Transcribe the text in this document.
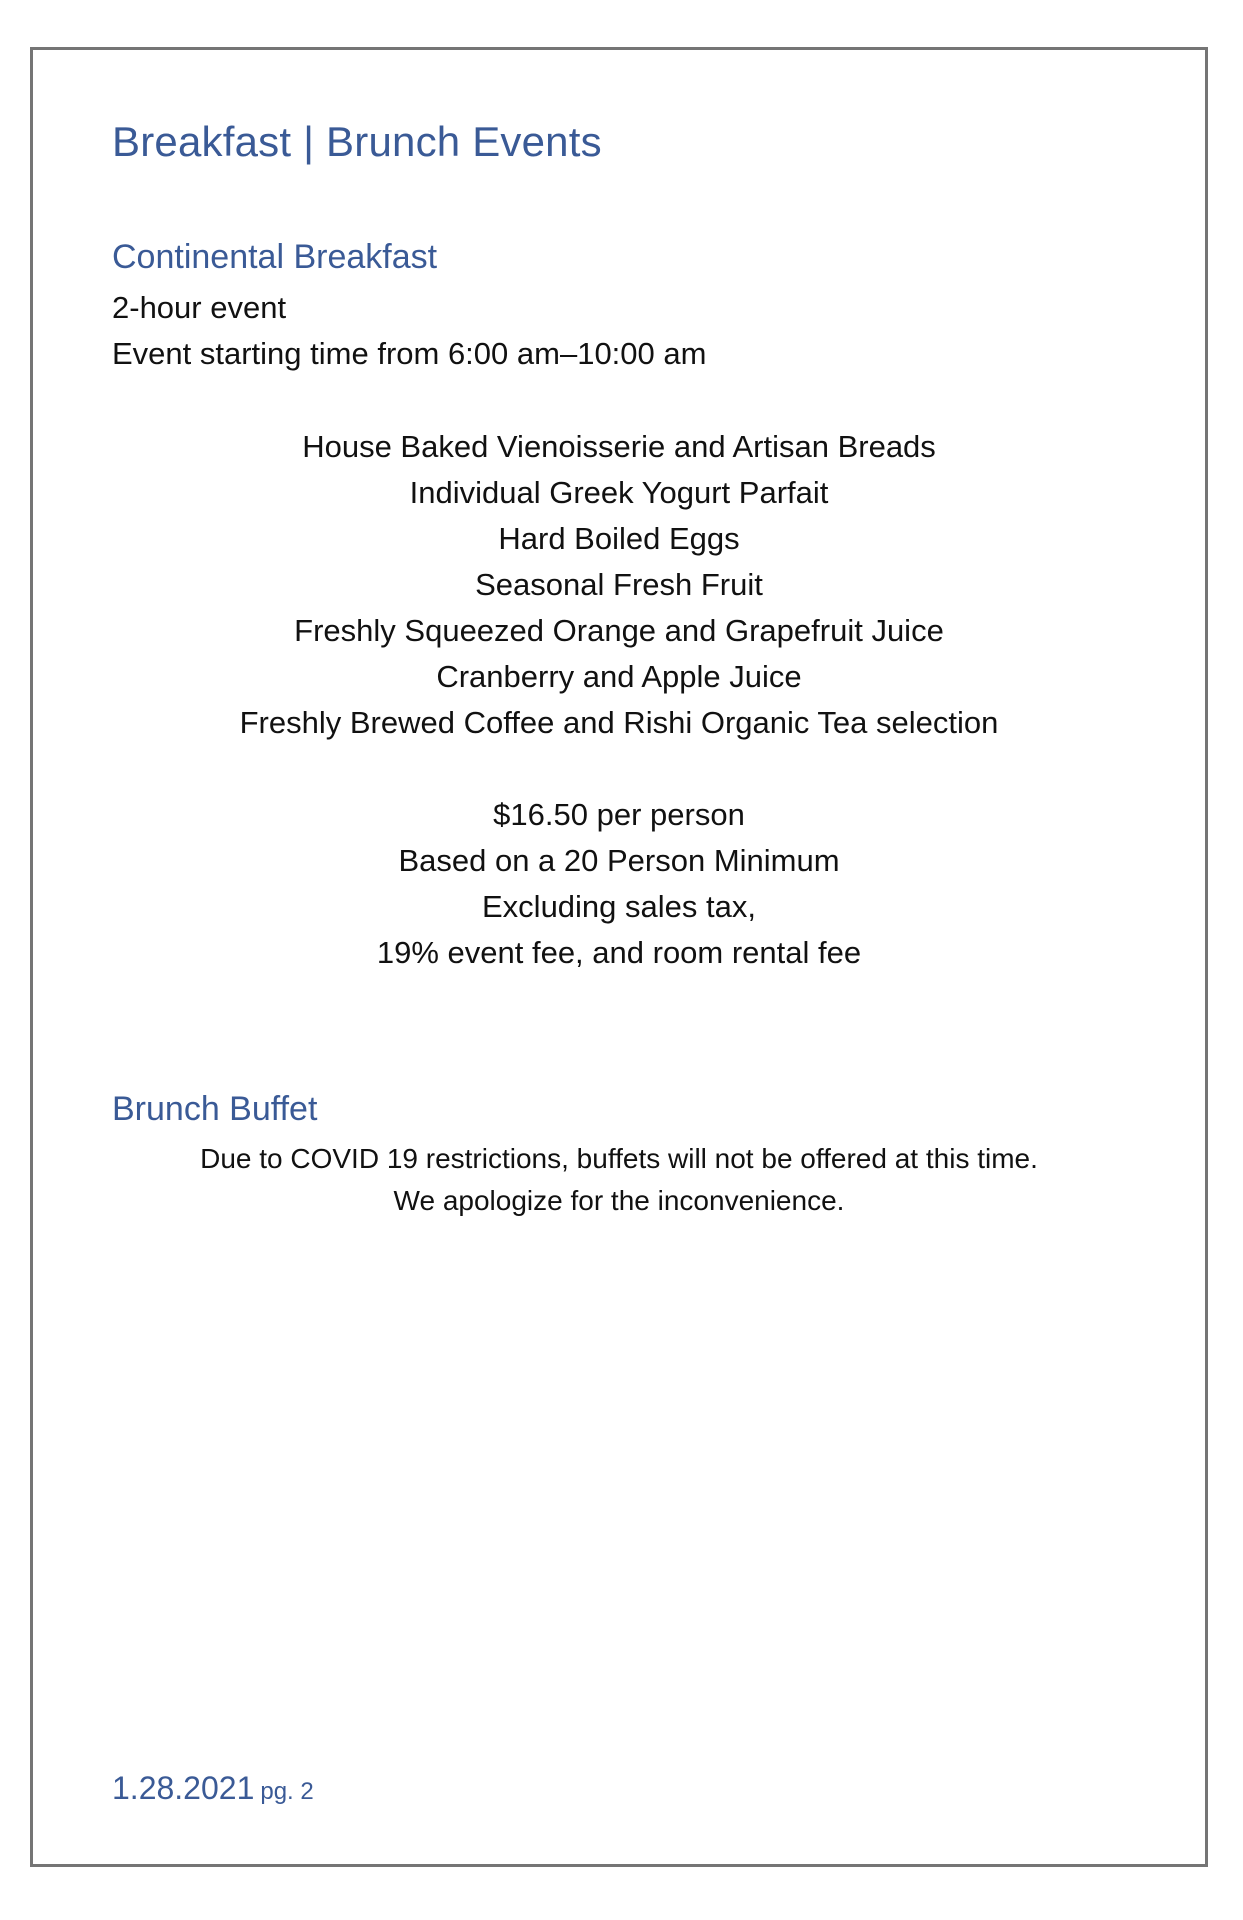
Breakfast | Brunch Events
Continental Breakfast
2-hour event
Event starting time from 6:00 am–10:00 am
House Baked Vienoisserie and Artisan Breads
Individual Greek Yogurt Parfait
Hard Boiled Eggs
Seasonal Fresh Fruit
Freshly Squeezed Orange and Grapefruit Juice
Cranberry and Apple Juice
Freshly Brewed Coffee and Rishi Organic Tea selection
$16.50 per person
Based on a 20 Person Minimum
Excluding sales tax,
19% event fee, and room rental fee
Brunch Buffet
Due to COVID 19 restrictions, buffets will not be offered at this time.
We apologize for the inconvenience.
1.28.2021 pg. 2
